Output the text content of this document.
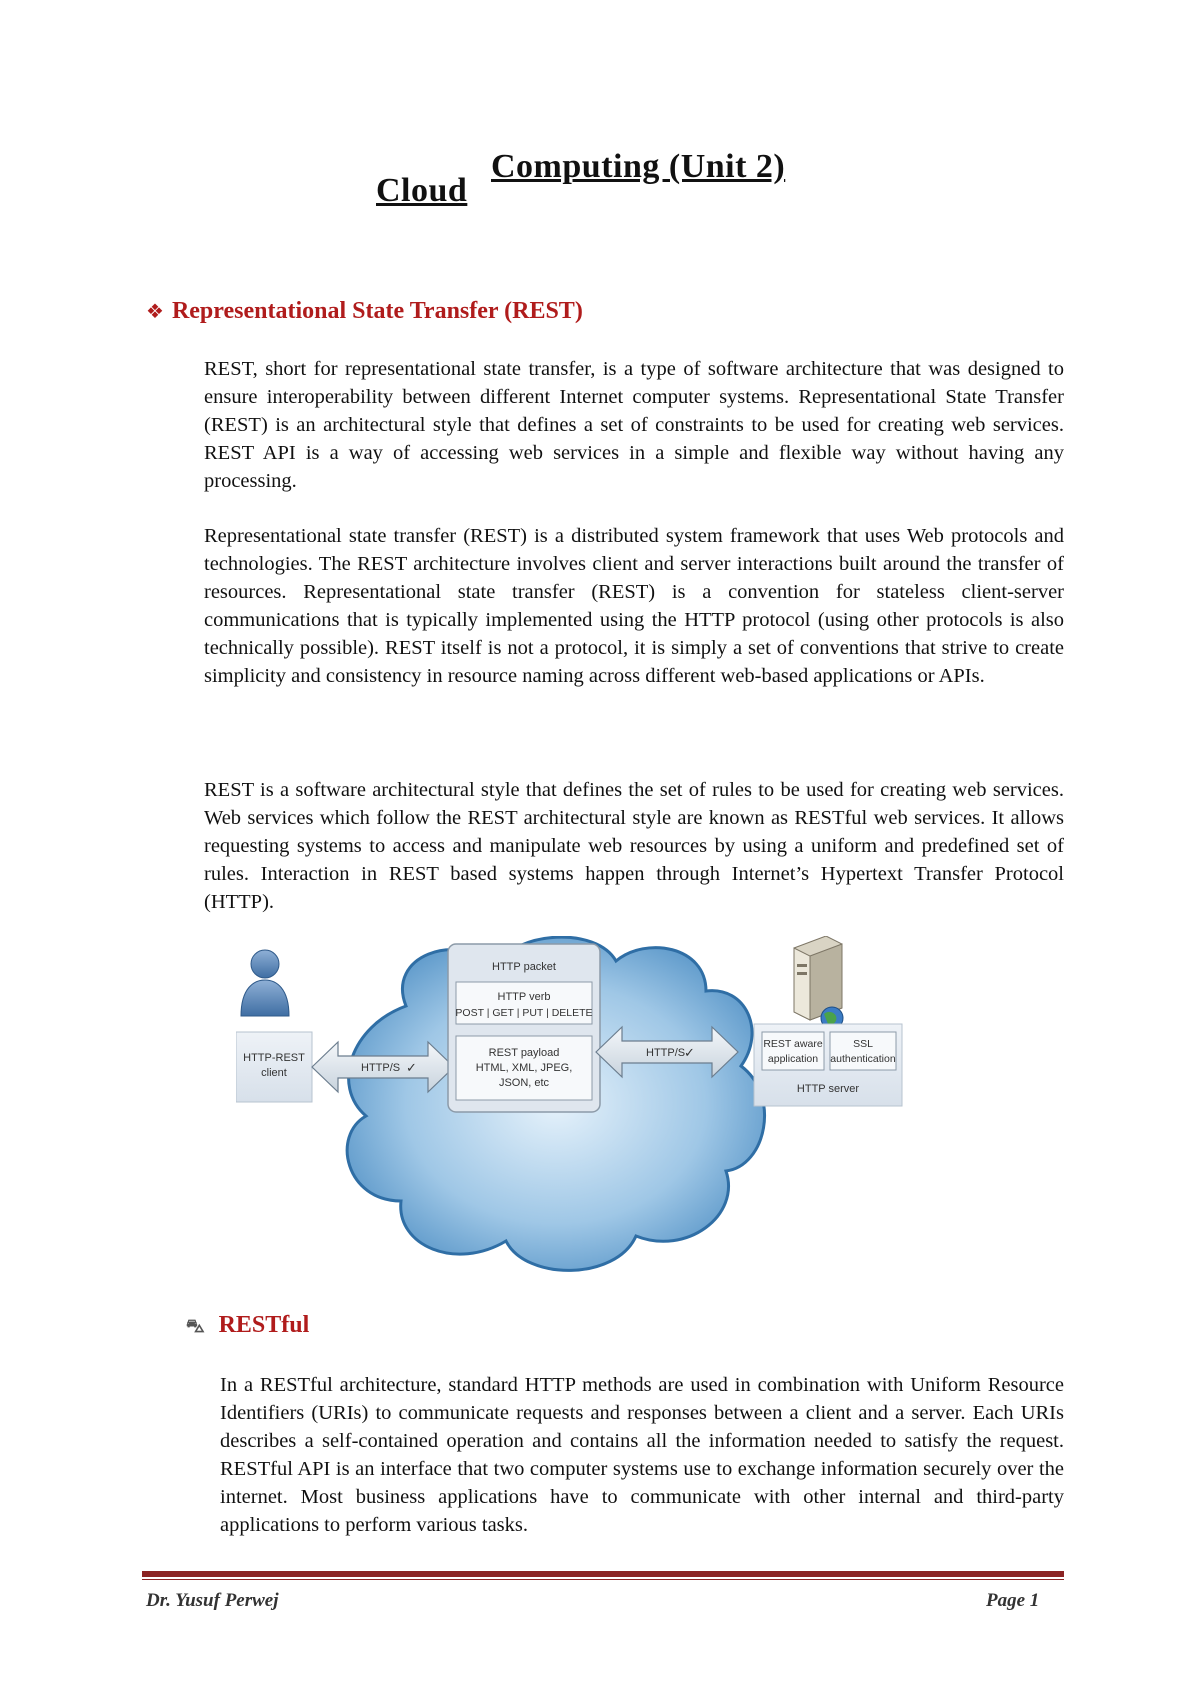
Cloud
Computing (Unit 2)
❖ Representational State Transfer (REST)

REST, short for representational state transfer, is a type of software architecture that was designed to ensure interoperability between different Internet computer systems. Representational State Transfer (REST) is an architectural style that defines a set of constraints to be used for creating web services. REST API is a way of accessing web services in a simple and flexible way without having any processing.

Representational state transfer (REST) is a distributed system framework that uses Web protocols and technologies. The REST architecture involves client and server interactions built around the transfer of resources. Representational state transfer (REST) is a convention for stateless client-server communications that is typically implemented using the HTTP protocol (using other protocols is also technically possible). REST itself is not a protocol, it is simply a set of conventions that strive to create simplicity and consistency in resource naming across different web-based applications or APIs.

REST is a software architectural style that defines the set of rules to be used for creating web services. Web services which follow the REST architectural style are known as RESTful web services. It allows requesting systems to access and manipulate web resources by using a uniform and predefined set of rules. Interaction in REST based systems happen through Internet’s Hypertext Transfer Protocol (HTTP).

HTTP-REST
client	HTTP/S ✓
HTTP packet
HTTP verb
POST | GET | PUT | DELETE
REST payload
HTML, XML, JPEG,
JSON, etc
HTTP/S
✓
REST aware
application
SSL
authentication
HTTP server
⛍ RESTful

In a RESTful architecture, standard HTTP methods are used in combination with Uniform Resource Identifiers (URIs) to communicate requests and responses between a client and a server. Each URIs describes a self-contained operation and contains all the information needed to satisfy the request. RESTful API is an interface that two computer systems use to exchange information securely over the internet. Most business applications have to communicate with other internal and third-party applications to perform various tasks.

Dr. Yusuf Perwej	Page 1
